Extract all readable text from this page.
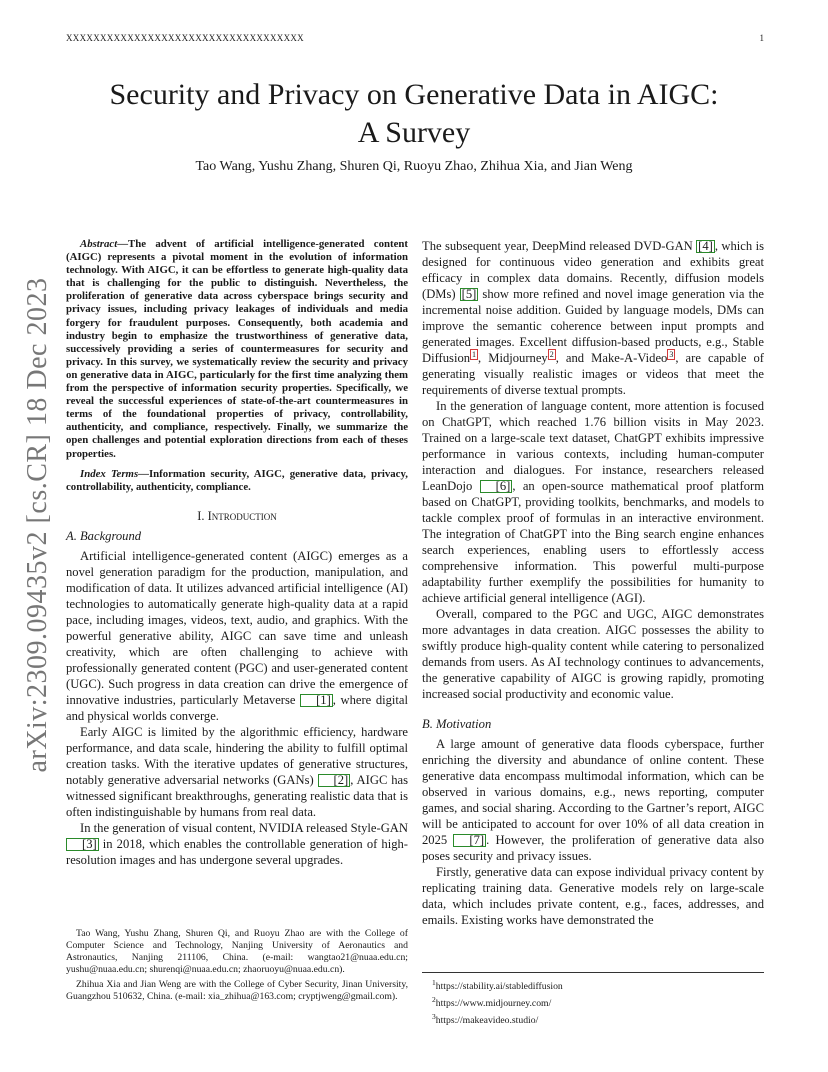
XXXXXXXXXXXXXXXXXXXXXXXXXXXXXXXXXXX	1
arXiv:2309.09435v2 [cs.CR] 18 Dec 2023
Security and Privacy on Generative Data in AIGC:
A Survey
Tao Wang, Yushu Zhang, Shuren Qi, Ruoyu Zhao, Zhihua Xia, and Jian Weng

Abstract—The advent of artificial intelligence-generated content (AIGC) represents a pivotal moment in the evolution of information technology. With AIGC, it can be effortless to generate high-quality data that is challenging for the public to distinguish. Nevertheless, the proliferation of generative data across cyberspace brings security and privacy issues, including privacy leakages of individuals and media forgery for fraudulent purposes. Consequently, both academia and industry begin to emphasize the trustworthiness of generative data, successively providing a series of countermeasures for security and privacy. In this survey, we systematically review the security and privacy on generative data in AIGC, particularly for the first time analyzing them from the perspective of information security properties. Specifically, we reveal the successful experiences of state-of-the-art countermeasures in terms of the foundational properties of privacy, controllability, authenticity, and compliance, respectively. Finally, we summarize the open challenges and potential exploration directions from each of theses properties.

Index Terms—Information security, AIGC, generative data, privacy, controllability, authenticity, compliance.

I. Introduction
A. Background

Artificial intelligence-generated content (AIGC) emerges as a novel generation paradigm for the production, manipulation, and modification of data. It utilizes advanced artificial intelligence (AI) technologies to automatically generate high-quality data at a rapid pace, including images, videos, text, audio, and graphics. With the powerful generative ability, AIGC can save time and unleash creativity, which are often challenging to achieve with professionally generated content (PGC) and user-generated content (UGC). Such progress in data creation can drive the emergence of innovative industries, particularly Metaverse [1] , where digital and physical worlds converge.

Early AIGC is limited by the algorithmic efficiency, hardware performance, and data scale, hindering the ability to fulfill optimal creation tasks. With the iterative updates of generative structures, notably generative adversarial networks (GANs) [2] , AIGC has witnessed significant breakthroughs, generating realistic data that is often indistinguishable by humans from real data.

In the generation of visual content, NVIDIA released Style-GAN [3] in 2018, which enables the controllable generation of high-resolution images and has undergone several upgrades.

The subsequent year, DeepMind released DVD-GAN [4] , which is designed for continuous video generation and exhibits great efficacy in complex data domains. Recently, diffusion models (DMs) [5] show more refined and novel image generation via the incremental noise addition. Guided by language models, DMs can improve the semantic coherence between input prompts and generated images. Excellent diffusion-based products, e.g., Stable Diffusion $^1$ , Midjourney $^2$ , and Make-A-Video $^3$ , are capable of generating visually realistic images or videos that meet the requirements of diverse textual prompts.

In the generation of language content, more attention is focused on ChatGPT, which reached 1.76 billion visits in May 2023. Trained on a large-scale text dataset, ChatGPT exhibits impressive performance in various contexts, including human-computer interaction and dialogues. For instance, researchers released LeanDojo [6] , an open-source mathematical proof platform based on ChatGPT, providing toolkits, benchmarks, and models to tackle complex proof of formulas in an interactive environment. The integration of ChatGPT into the Bing search engine enhances search experiences, enabling users to effortlessly access comprehensive information. This powerful multi-purpose adaptability further exemplify the possibilities for humanity to achieve artificial general intelligence (AGI).

Overall, compared to the PGC and UGC, AIGC demonstrates more advantages in data creation. AIGC possesses the ability to swiftly produce high-quality content while catering to personalized demands from users. As AI technology continues to advancements, the generative capability of AIGC is growing rapidly, promoting increased social productivity and economic value.

B. Motivation

A large amount of generative data floods cyberspace, further enriching the diversity and abundance of online content. These generative data encompass multimodal information, which can be observed in various domains, e.g., news reporting, computer games, and social sharing. According to the Gartner’s report, AIGC will be anticipated to account for over 10% of all data creation in 2025 [7] . However, the proliferation of generative data also poses security and privacy issues.

Firstly, generative data can expose individual privacy content by replicating training data. Generative models rely on large-scale data, which includes private content, e.g., faces, addresses, and emails. Existing works have demonstrated the

Tao Wang, Yushu Zhang, Shuren Qi, and Ruoyu Zhao are with the College of Computer Science and Technology, Nanjing University of Aeronautics and Astronautics, Nanjing 211106, China. (e-mail: wangtao21@nuaa.edu.cn; yushu@nuaa.edu.cn; shurenqi@nuaa.edu.cn; zhaoruoyu@nuaa.edu.cn).

Zhihua Xia and Jian Weng are with the College of Cyber Security, Jinan University, Guangzhou 510632, China. (e-mail: xia_zhihua@163.com; cryptjweng@gmail.com).

$^1$https://stability.ai/stablediffusion
$^2$https://www.midjourney.com/
$^3$https://makeavideo.studio/
